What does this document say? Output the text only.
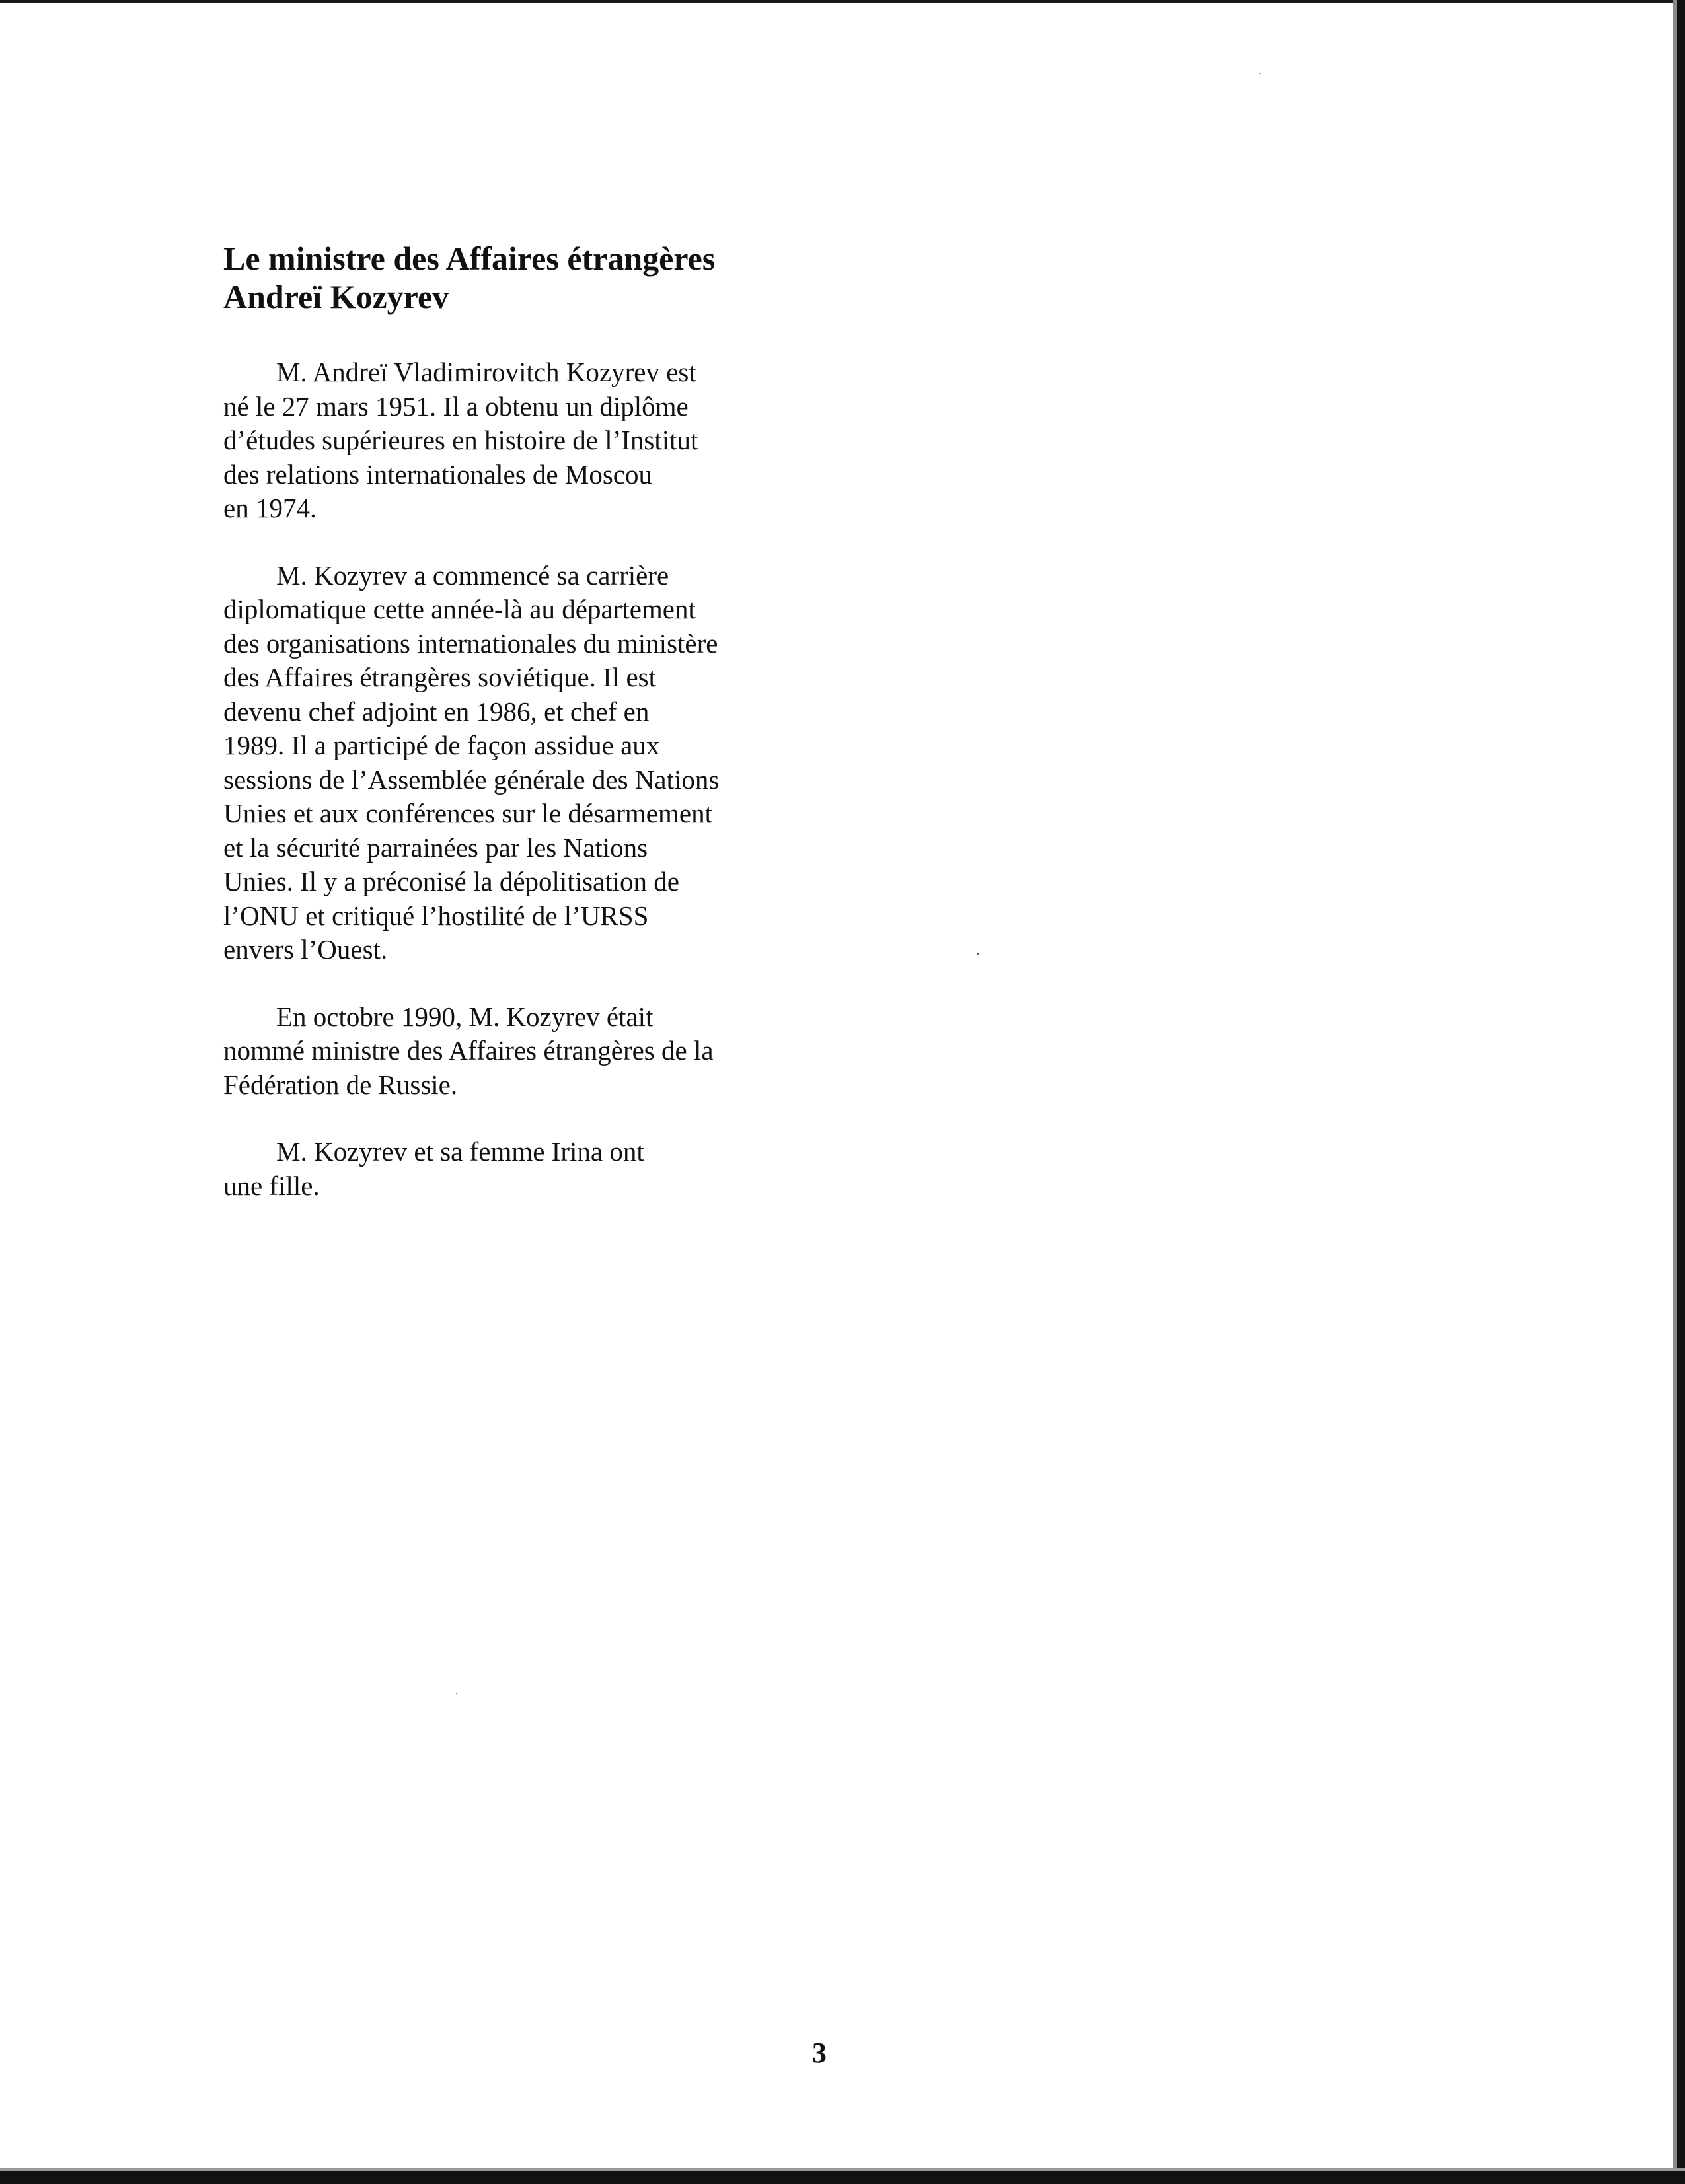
Le ministre des Affaires étrangères
Andreï Kozyrev

M. Andreï Vladimirovitch Kozyrev est
né le 27 mars 1951. Il a obtenu un diplôme
d’études supérieures en histoire de l’Institut
des relations internationales de Moscou
en 1974.

M. Kozyrev a commencé sa carrière
diplomatique cette année-là au département
des organisations internationales du ministère
des Affaires étrangères soviétique. Il est
devenu chef adjoint en 1986, et chef en
1989. Il a participé de façon assidue aux
sessions de l’Assemblée générale des Nations
Unies et aux conférences sur le désarmement
et la sécurité parrainées par les Nations
Unies. Il y a préconisé la dépolitisation de
l’ONU et critiqué l’hostilité de l’URSS
envers l’Ouest.

En octobre 1990, M. Kozyrev était
nommé ministre des Affaires étrangères de la
Fédération de Russie.

M. Kozyrev et sa femme Irina ont
une fille.

3
